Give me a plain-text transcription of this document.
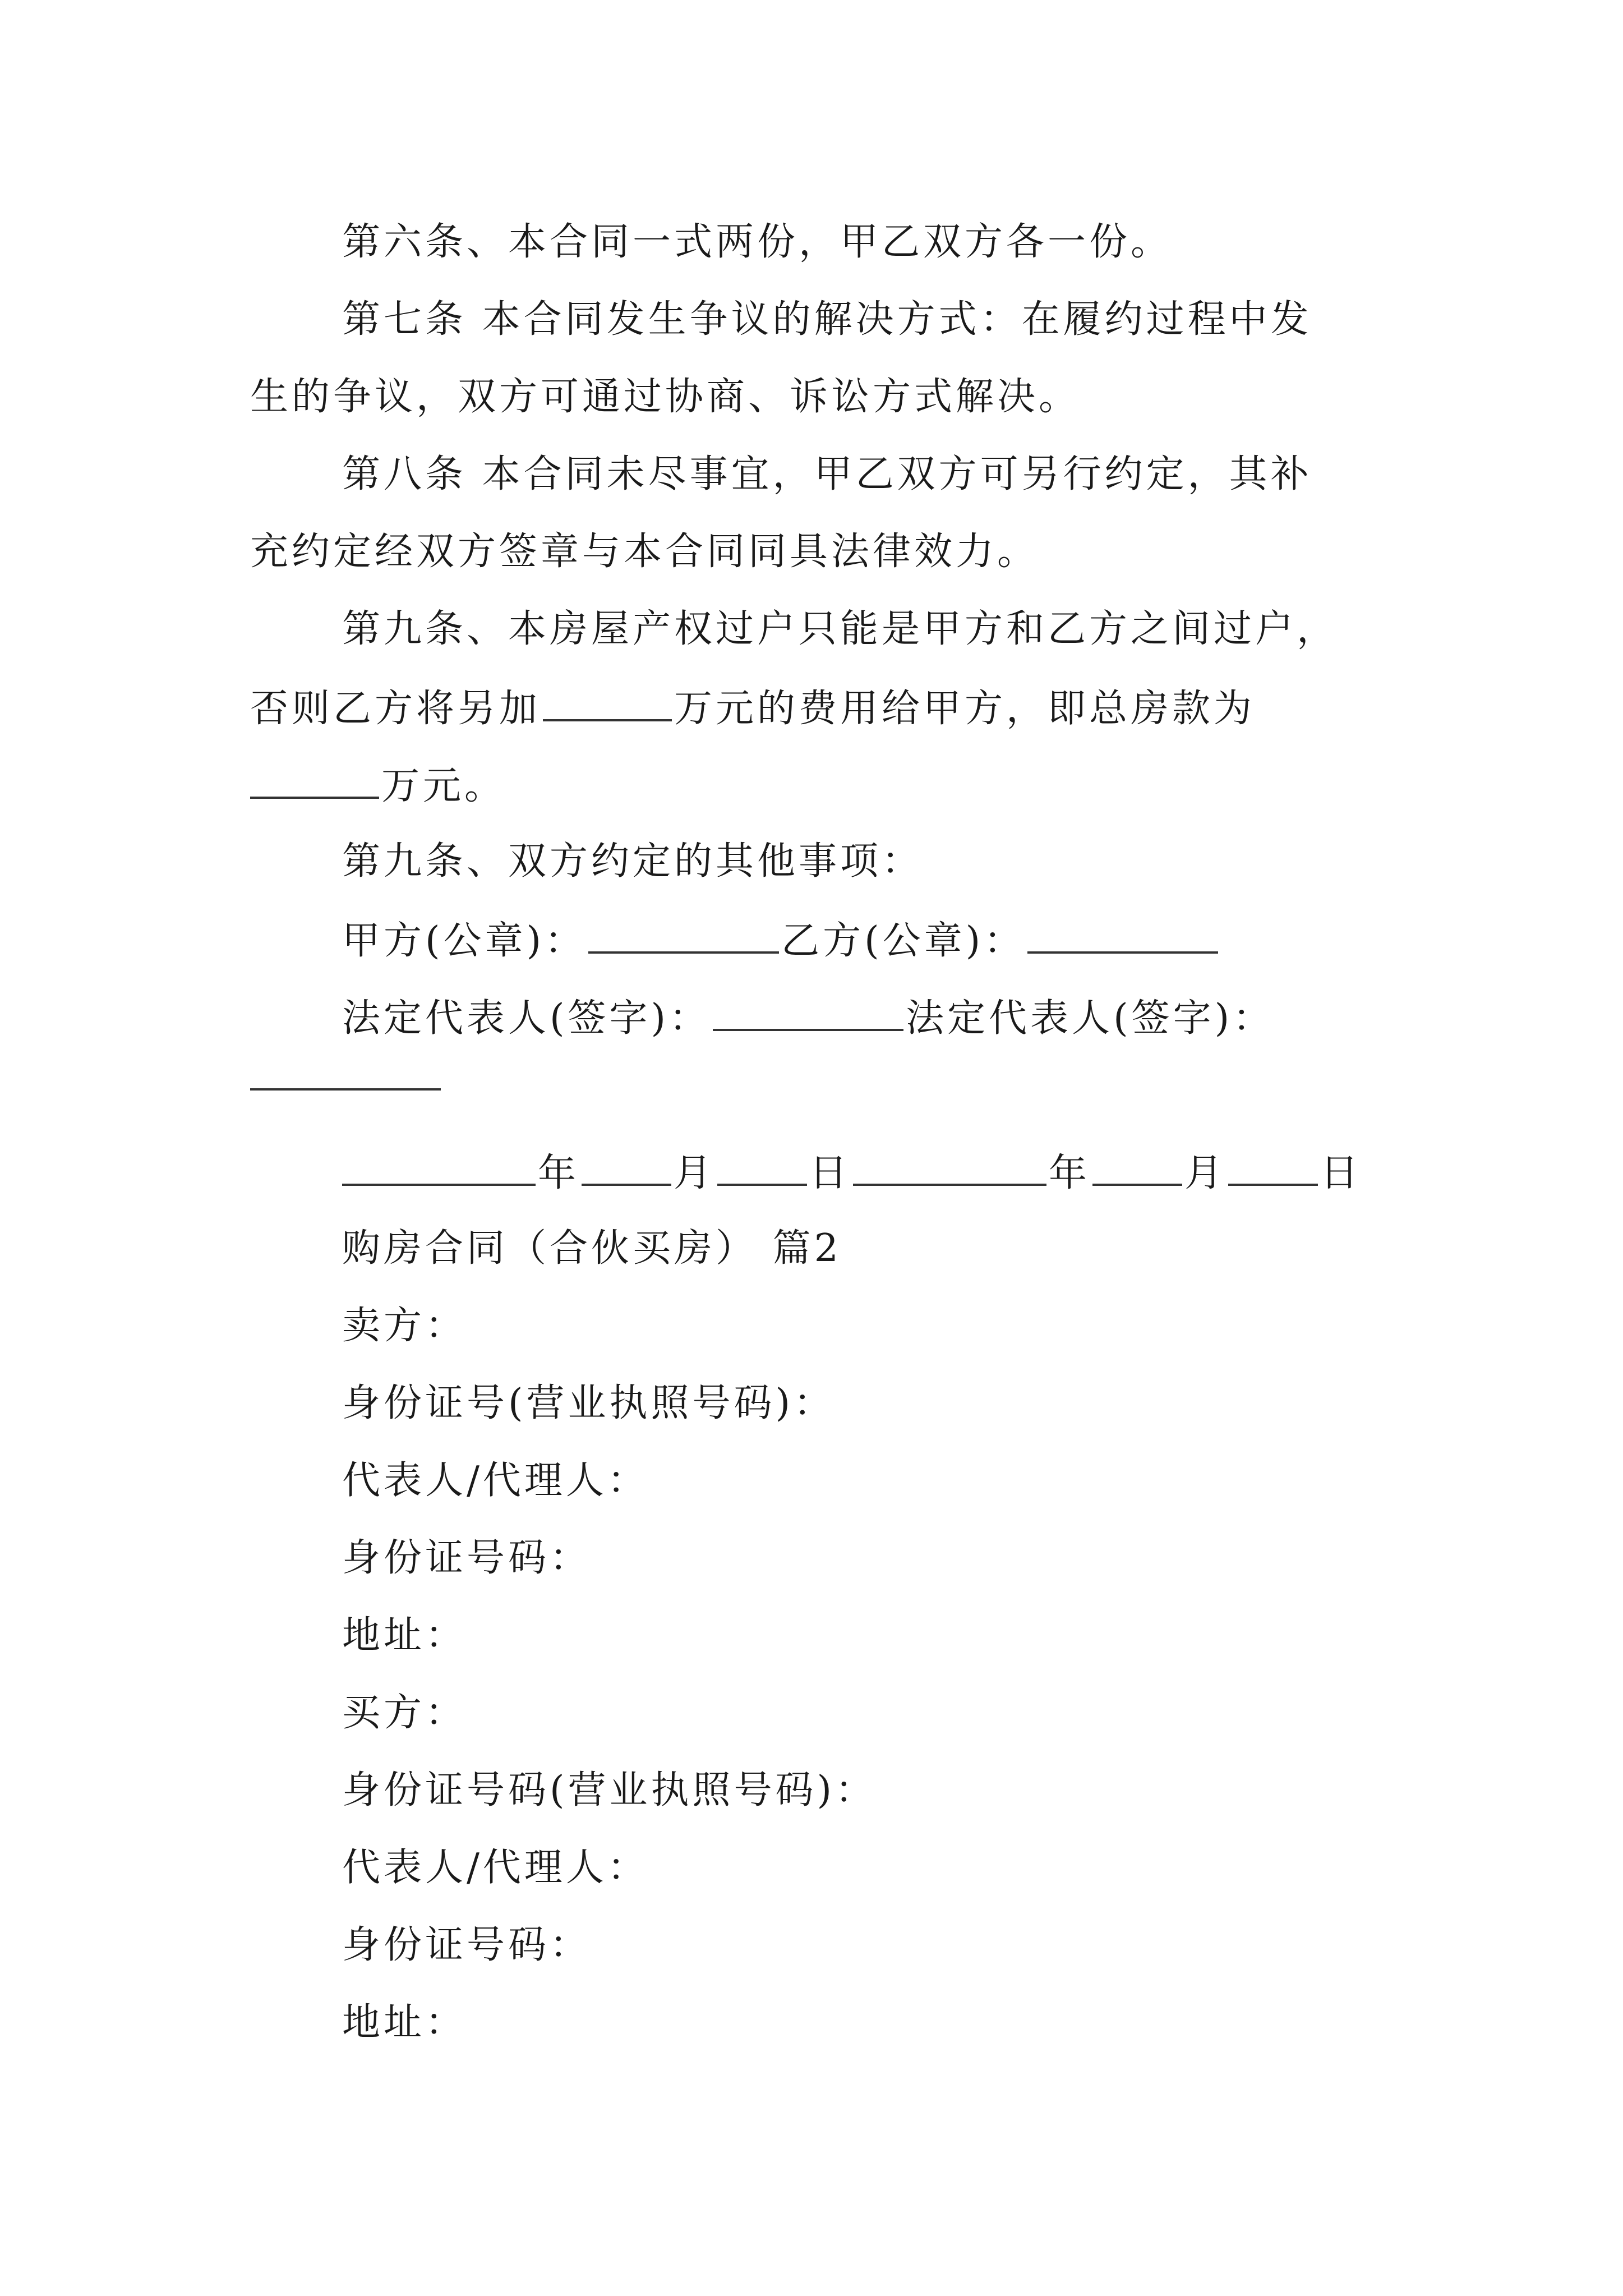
第六条、本合同一式两份，甲乙双方各一份。
第七条 本合同发生争议的解决方式：在履约过程中发
生的争议，双方可通过协商、诉讼方式解决。
第八条 本合同未尽事宜，甲乙双方可另行约定，其补
充约定经双方签章与本合同同具法律效力。
第九条、本房屋产权过户只能是甲方和乙方之间过户，
否则乙方将另加	万元的费用给甲方，即总房款为
万元。
第九条、双方约定的其他事项：
甲方(公章)：	乙方(公章)：
法定代表人(签字)：	法定代表人(签字)：
年 月 日	年 月 日
购房合同（合伙买房） 篇2
卖方：
身份证号(营业执照号码)：
代表人/代理人：
身份证号码：
地址：
买方：
身份证号码(营业执照号码)：
代表人/代理人：
身份证号码：
地址：
